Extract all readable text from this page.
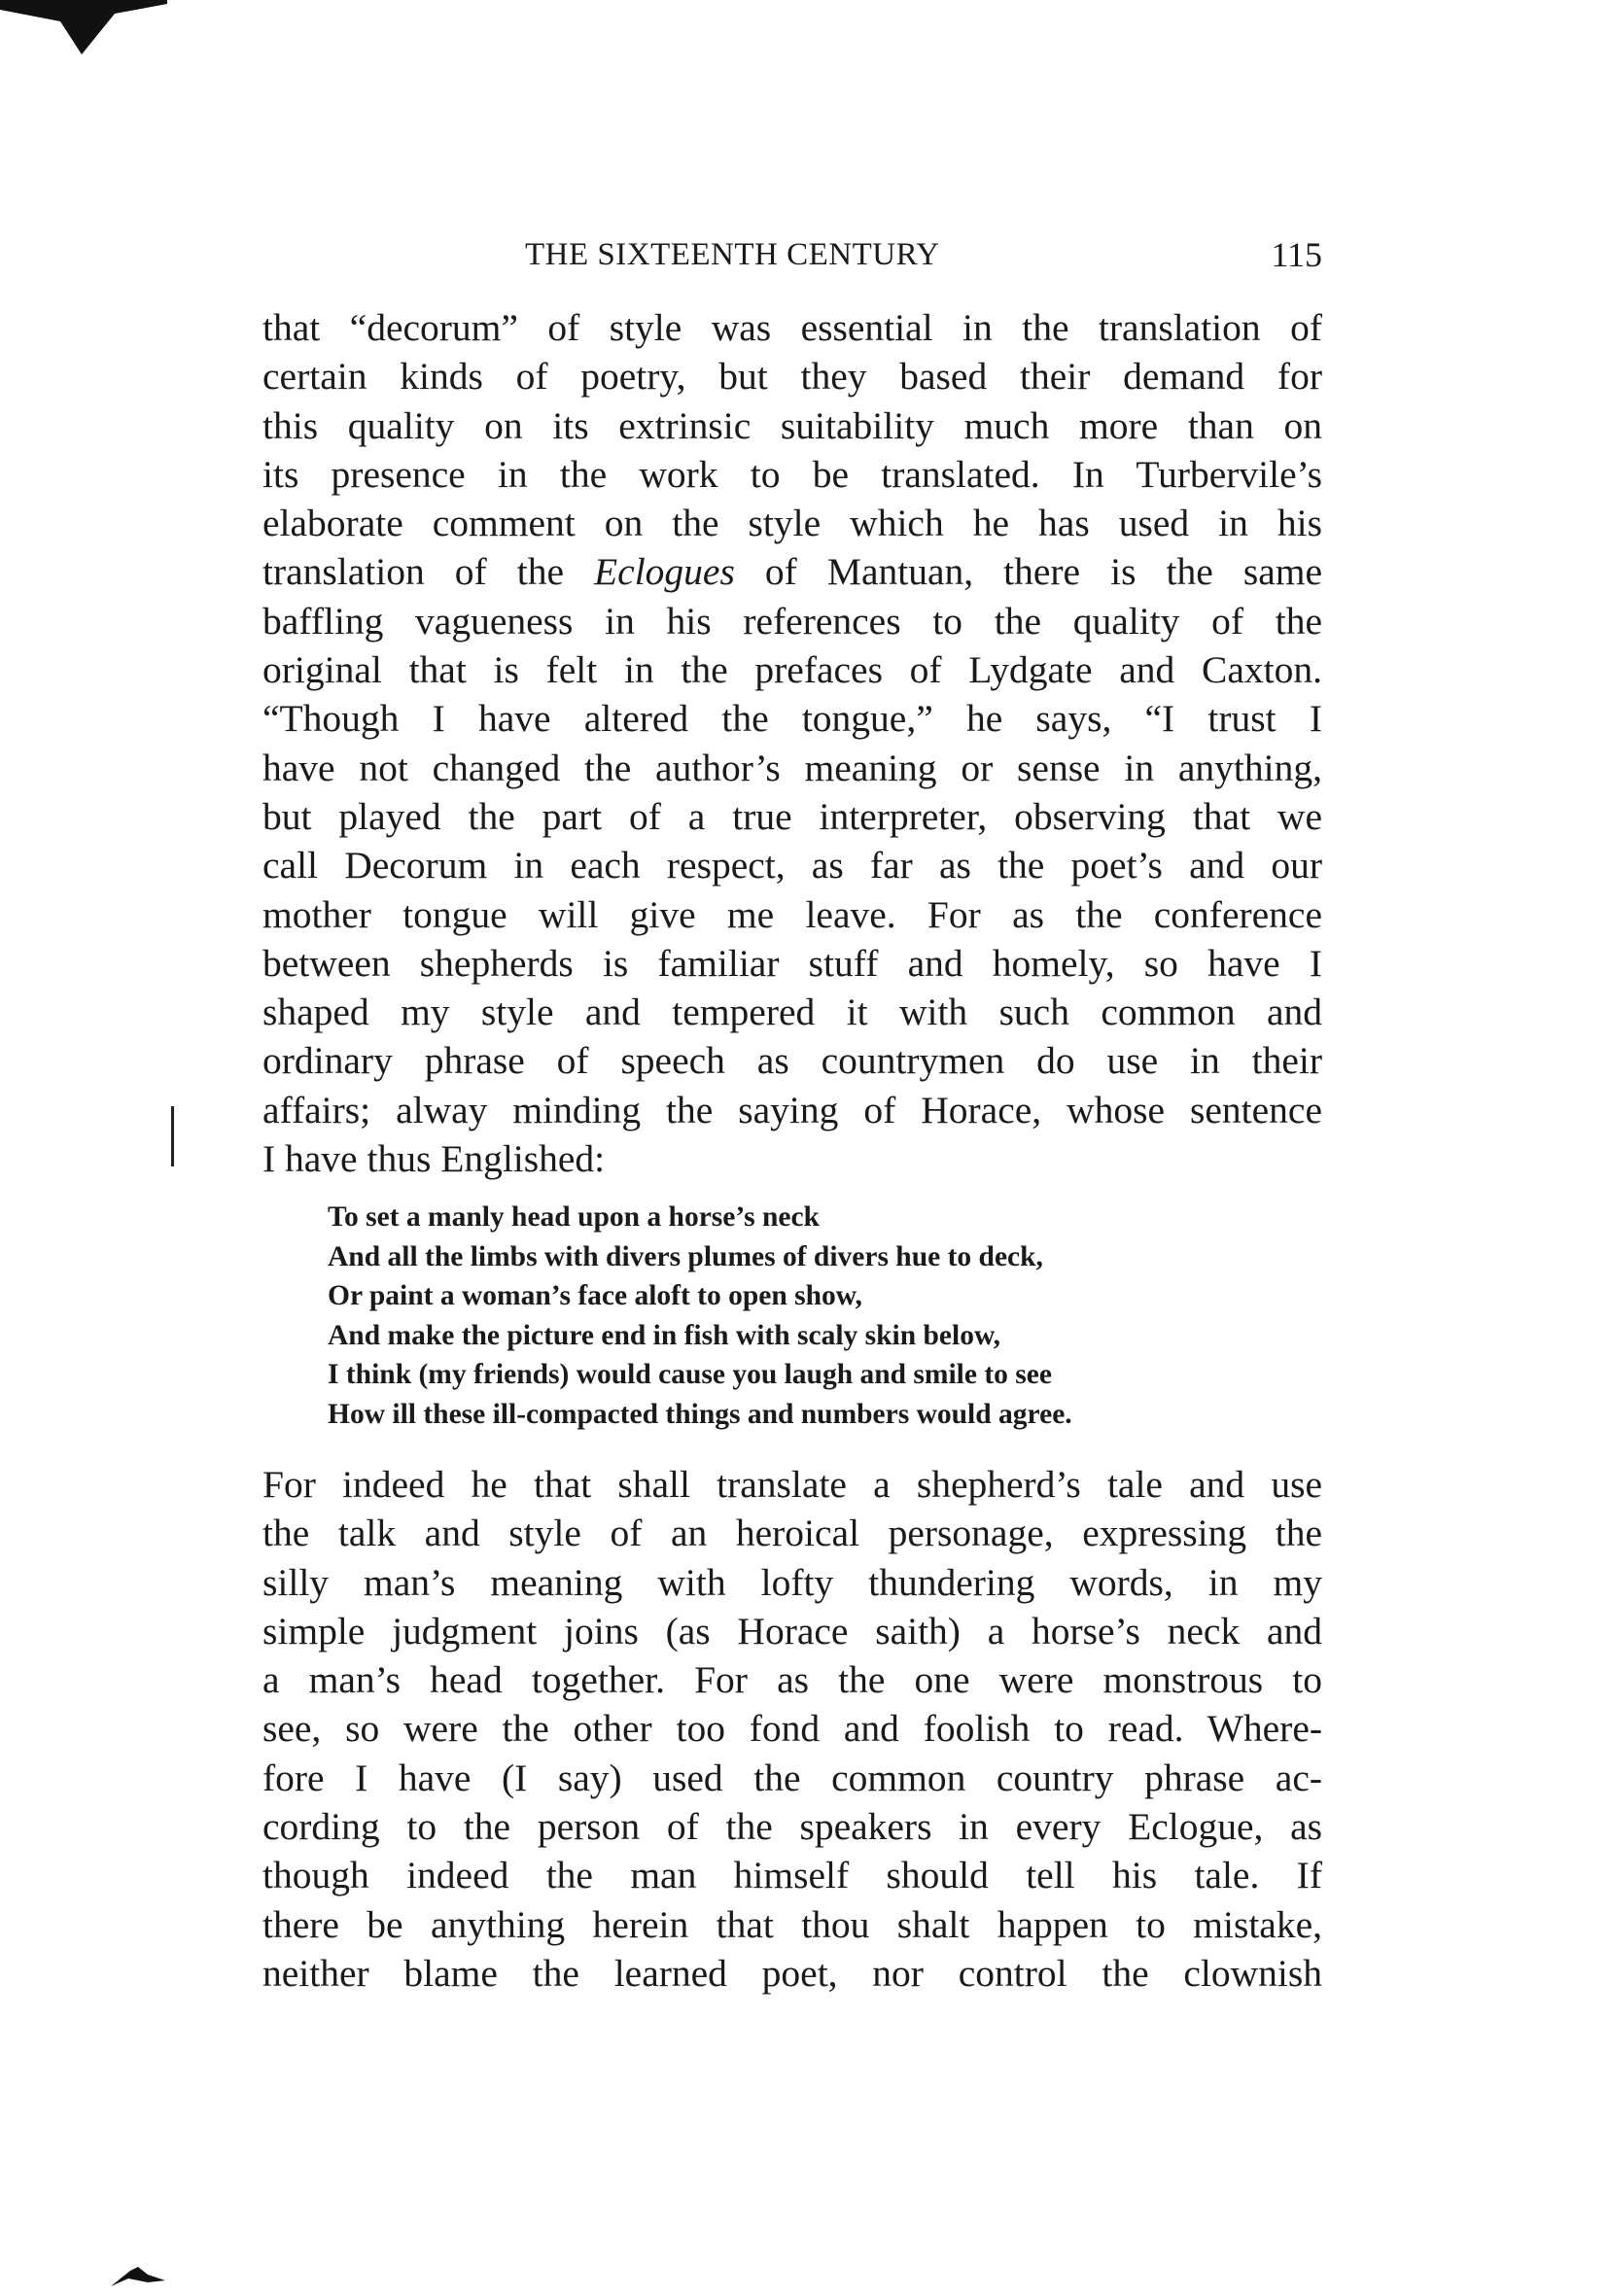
THE SIXTEENTH CENTURY	115
that “decorum” of style was essential in the translation of
certain kinds of poetry, but they based their demand for
this quality on its extrinsic suitability much more than on
its presence in the work to be translated. In Turbervile’s
elaborate comment on the style which he has used in his
translation of the Eclogues of Mantuan, there is the same
baffling vagueness in his references to the quality of the
original that is felt in the prefaces of Lydgate and Caxton.
“Though I have altered the tongue,” he says, “I trust I
have not changed the author’s meaning or sense in anything,
but played the part of a true interpreter, observing that we
call Decorum in each respect, as far as the poet’s and our
mother tongue will give me leave. For as the conference
between shepherds is familiar stuff and homely, so have I
shaped my style and tempered it with such common and
ordinary phrase of speech as countrymen do use in their
affairs; alway minding the saying of Horace, whose sentence
I have thus Englished:
To set a manly head upon a horse’s neck
And all the limbs with divers plumes of divers hue to deck,
Or paint a woman’s face aloft to open show,
And make the picture end in fish with scaly skin below,
I think (my friends) would cause you laugh and smile to see
How ill these ill-compacted things and numbers would agree.
For indeed he that shall translate a shepherd’s tale and use
the talk and style of an heroical personage, expressing the
silly man’s meaning with lofty thundering words, in my
simple judgment joins (as Horace saith) a horse’s neck and
a man’s head together. For as the one were monstrous to
see, so were the other too fond and foolish to read. Where-
fore I have (I say) used the common country phrase ac-
cording to the person of the speakers in every Eclogue, as
though indeed the man himself should tell his tale. If
there be anything herein that thou shalt happen to mistake,
neither blame the learned poet, nor control the clownish
